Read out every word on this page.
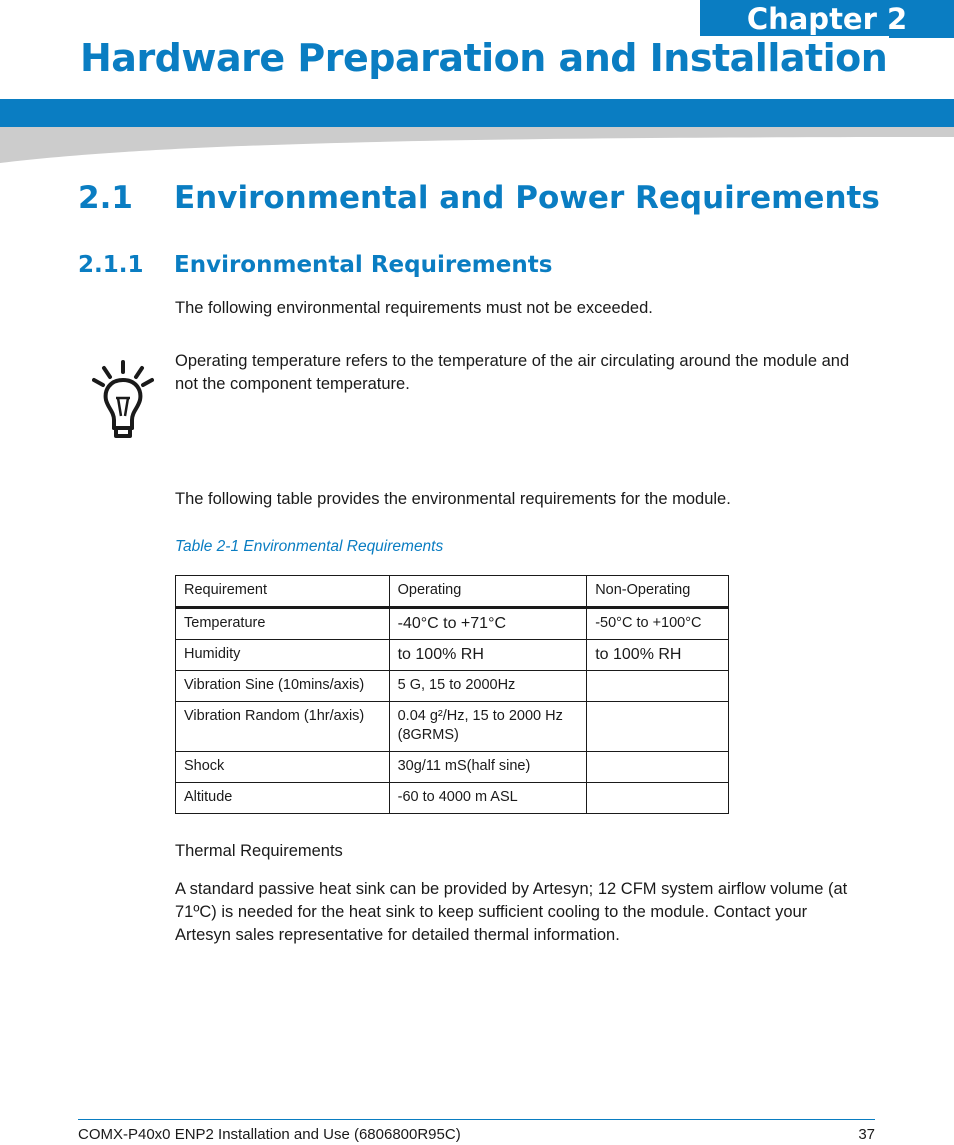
Chapter 2
Hardware Preparation and Installation
2.1 Environmental and Power Requirements
2.1.1 Environmental Requirements

The following environmental requirements must not be exceeded.

Operating temperature refers to the temperature of the air circulating around the module and not the component temperature.

The following table provides the environmental requirements for the module.

Table 2-1 Environmental Requirements

Requirement	Operating	Non-Operating
Temperature	-40°C to +71°C	-50°C to +100°C
Humidity	to 100% RH	to 100% RH
Vibration Sine (10mins/axis)	5 G, 15 to 2000Hz	
Vibration Random (1hr/axis)	0.04 g²/Hz, 15 to 2000 Hz (8GRMS)	
Shock	30g/11 mS(half sine)	
Altitude	-60 to 4000 m ASL	

Thermal Requirements

A standard passive heat sink can be provided by Artesyn; 12 CFM system airflow volume (at 71ºC) is needed for the heat sink to keep sufficient cooling to the module. Contact your Artesyn sales representative for detailed thermal information.

COMX-P40x0 ENP2 Installation and Use (6806800R95C)	37
